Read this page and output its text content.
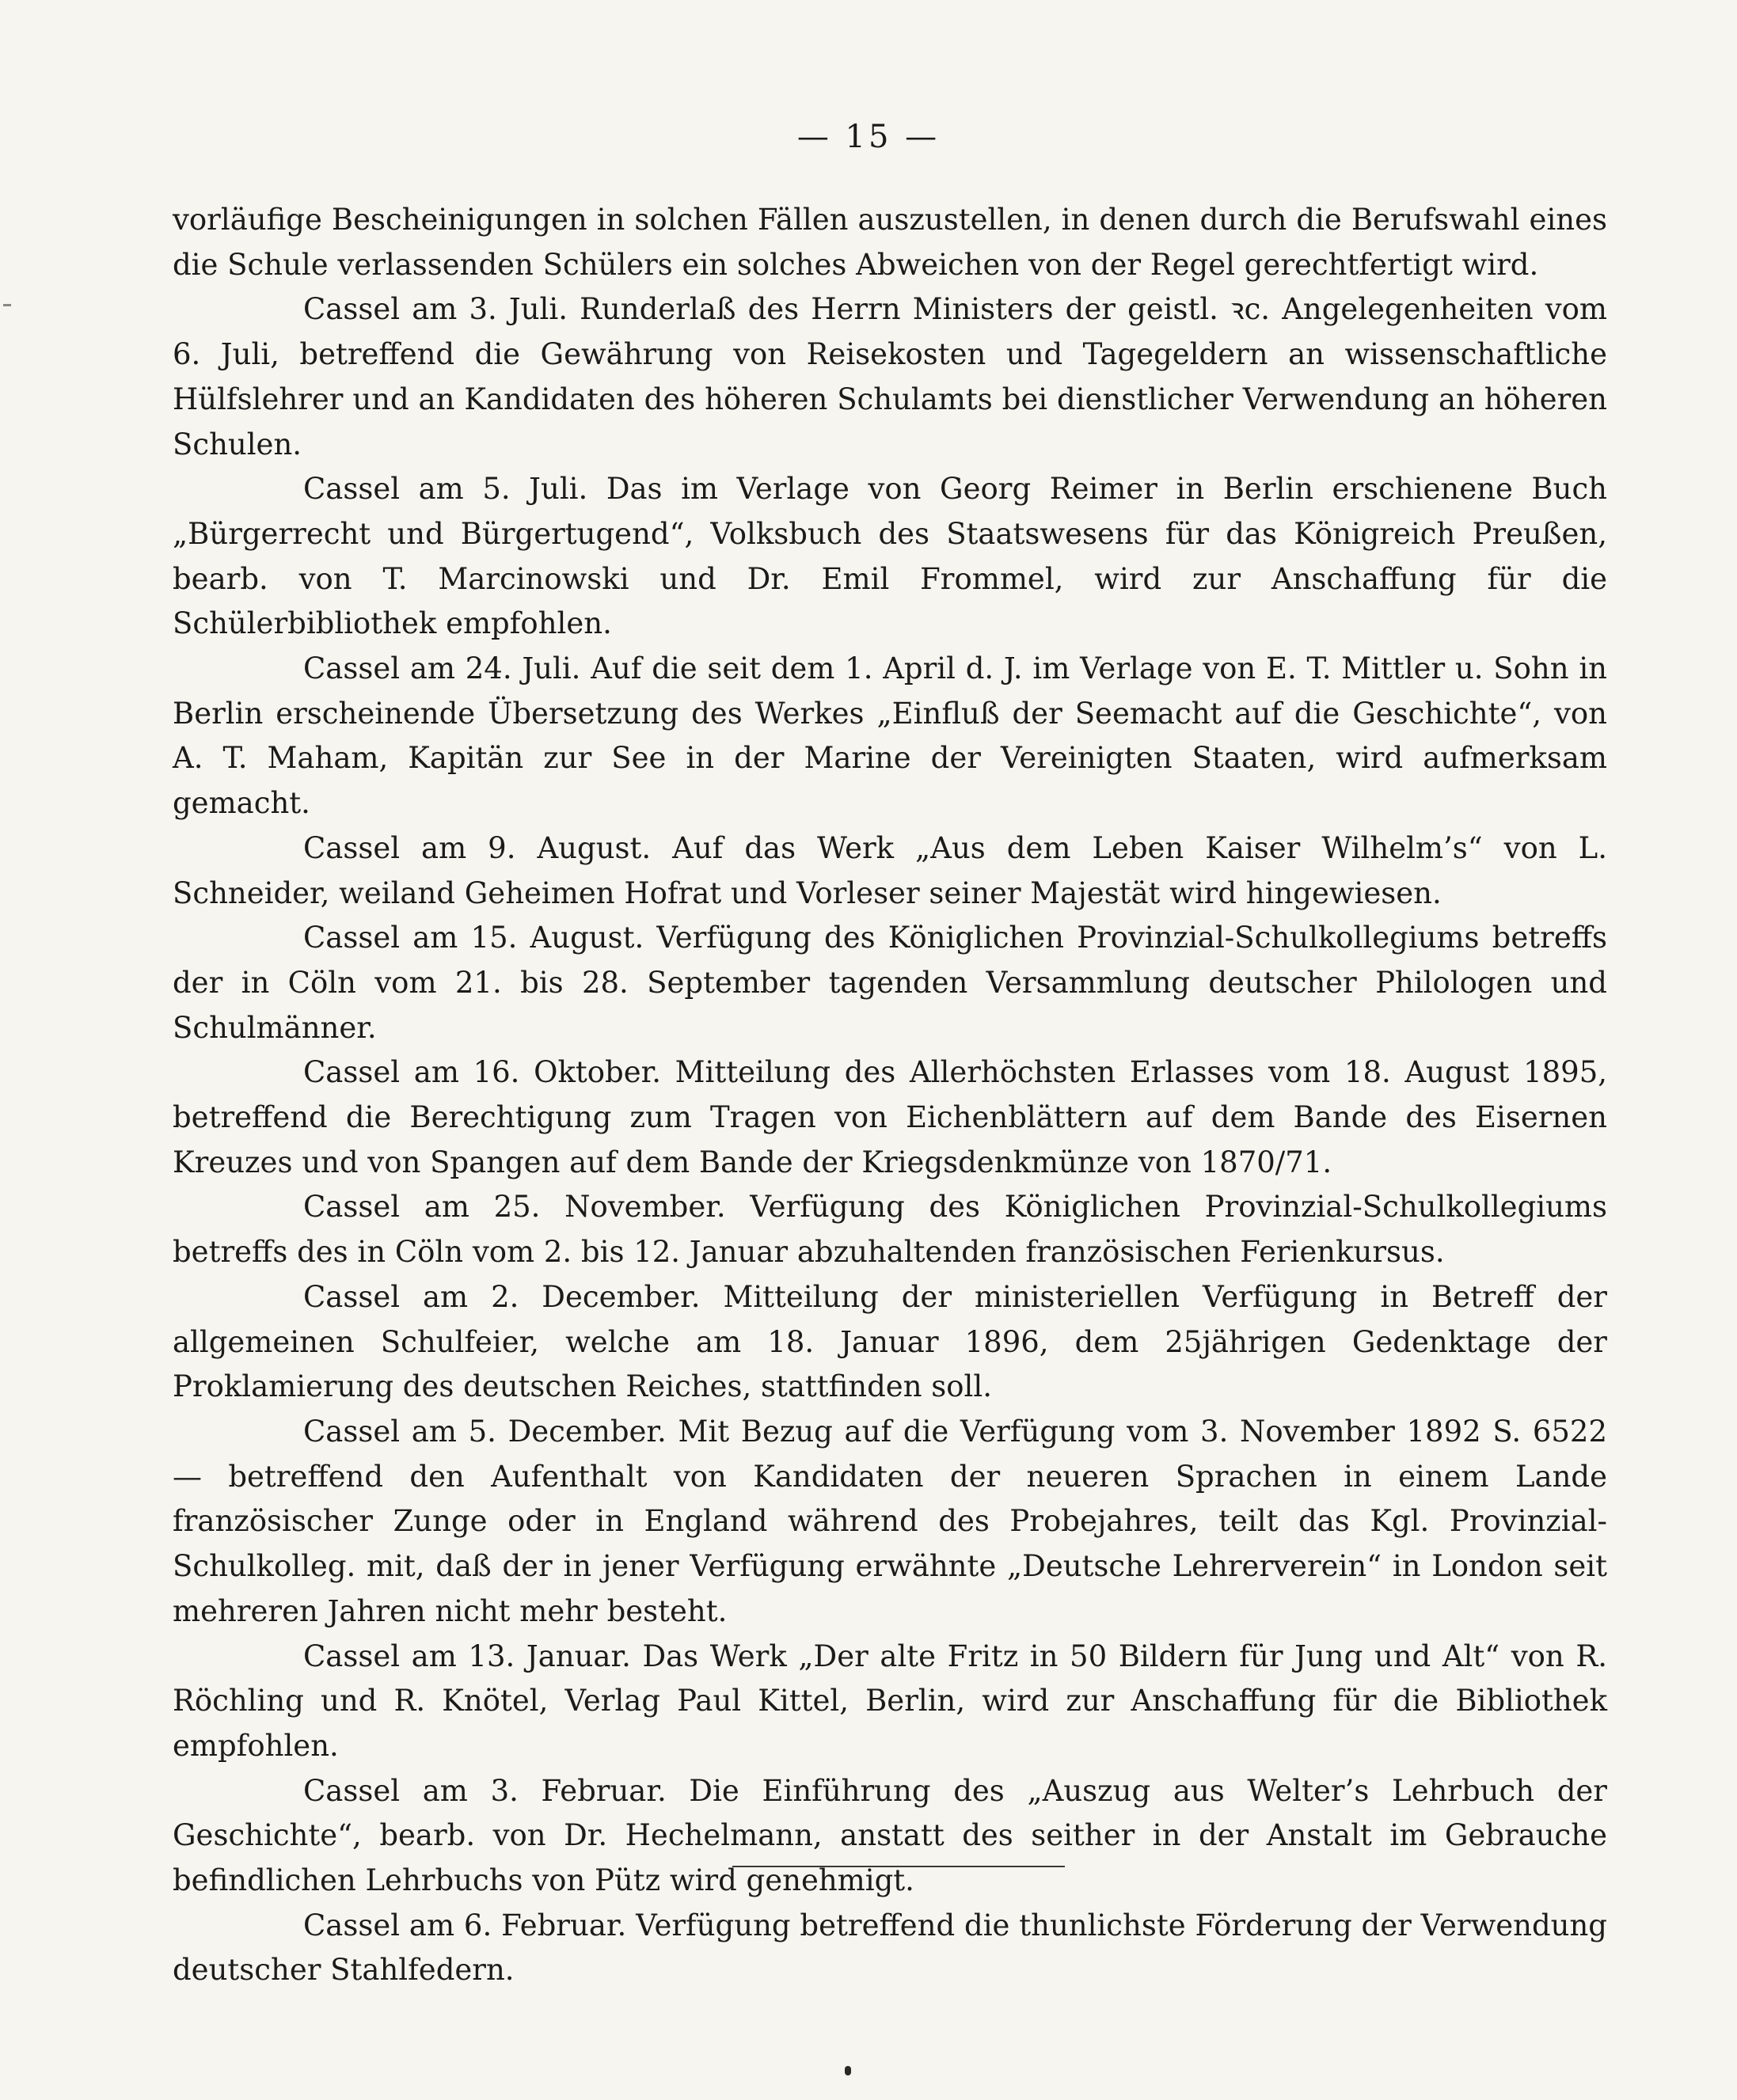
— 15 —

vorläufige Bescheinigungen in solchen Fällen auszustellen, in denen durch die Berufswahl eines die Schule verlassenden Schülers ein solches Abweichen von der Regel gerechtfertigt wird.

Cassel am 3. Juli. Runderlaß des Herrn Ministers der geistl. ꝛc. Angelegenheiten vom 6. Juli, betreffend die Gewährung von Reisekosten und Tagegeldern an wissenschaftliche Hülfslehrer und an Kandidaten des höheren Schulamts bei dienstlicher Verwendung an höheren Schulen.

Cassel am 5. Juli. Das im Verlage von Georg Reimer in Berlin erschienene Buch „Bürgerrecht und Bürgertugend“, Volksbuch des Staatswesens für das Königreich Preußen, bearb. von T. Marcinowski und Dr. Emil Frommel, wird zur Anschaffung für die Schülerbibliothek empfohlen.

Cassel am 24. Juli. Auf die seit dem 1. April d. J. im Verlage von E. T. Mittler u. Sohn in Berlin erscheinende Übersetzung des Werkes „Einfluß der Seemacht auf die Geschichte“, von A. T. Maham, Kapitän zur See in der Marine der Vereinigten Staaten, wird aufmerksam gemacht.

Cassel am 9. August. Auf das Werk „Aus dem Leben Kaiser Wilhelm’s“ von L. Schneider, weiland Geheimen Hofrat und Vorleser seiner Majestät wird hingewiesen.

Cassel am 15. August. Verfügung des Königlichen Provinzial-Schulkollegiums betreffs der in Cöln vom 21. bis 28. September tagenden Versammlung deutscher Philologen und Schulmänner.

Cassel am 16. Oktober. Mitteilung des Allerhöchsten Erlasses vom 18. August 1895, betreffend die Berechtigung zum Tragen von Eichenblättern auf dem Bande des Eisernen Kreuzes und von Spangen auf dem Bande der Kriegsdenkmünze von 1870/71.

Cassel am 25. November. Verfügung des Königlichen Provinzial-Schulkollegiums betreffs des in Cöln vom 2. bis 12. Januar abzuhaltenden französischen Ferienkursus.

Cassel am 2. December. Mitteilung der ministeriellen Verfügung in Betreff der allgemeinen Schulfeier, welche am 18. Januar 1896, dem 25jährigen Gedenktage der Proklamierung des deutschen Reiches, stattfinden soll.

Cassel am 5. December. Mit Bezug auf die Verfügung vom 3. November 1892 S. 6522 — betreffend den Aufenthalt von Kandidaten der neueren Sprachen in einem Lande französischer Zunge oder in England während des Probejahres, teilt das Kgl. Provinzial-Schulkolleg. mit, daß der in jener Verfügung erwähnte „Deutsche Lehrerverein“ in London seit mehreren Jahren nicht mehr besteht.

Cassel am 13. Januar. Das Werk „Der alte Fritz in 50 Bildern für Jung und Alt“ von R. Röchling und R. Knötel, Verlag Paul Kittel, Berlin, wird zur Anschaffung für die Bibliothek empfohlen.

Cassel am 3. Februar. Die Einführung des „Auszug aus Welter’s Lehrbuch der Geschichte“, bearb. von Dr. Hechelmann, anstatt des seither in der Anstalt im Gebrauche befindlichen Lehrbuchs von Pütz wird genehmigt.

Cassel am 6. Februar. Verfügung betreffend die thunlichste Förderung der Verwendung deutscher Stahlfedern.
